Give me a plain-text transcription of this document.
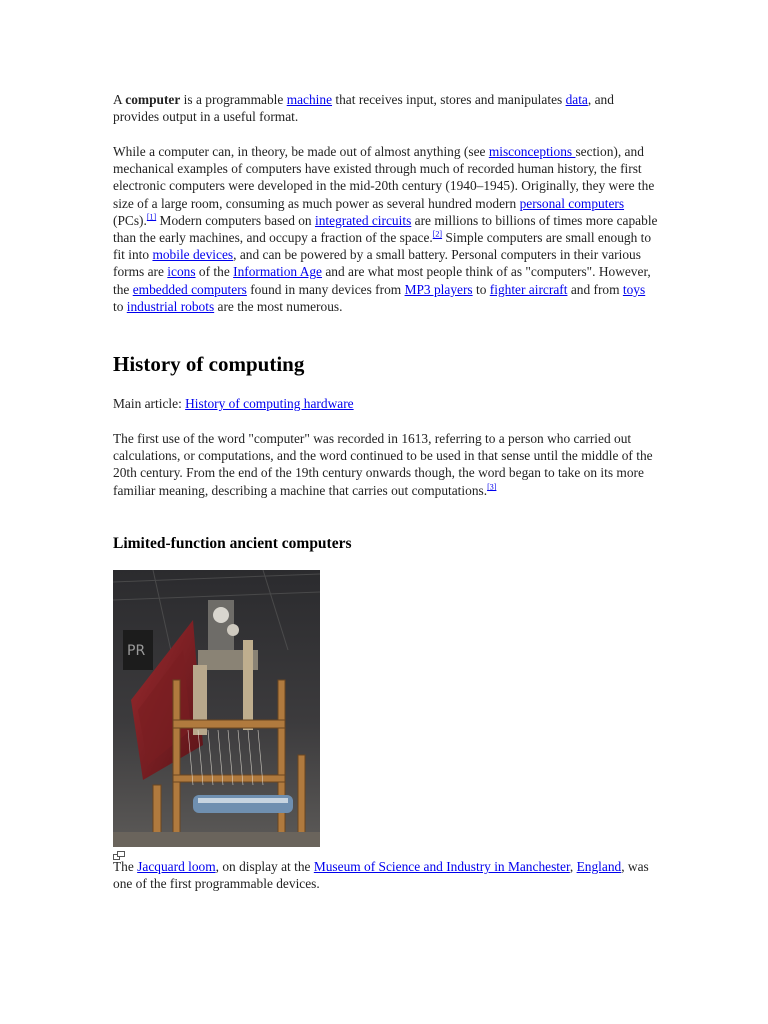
A computer is a programmable machine that receives input, stores and manipulates data, and provides output in a useful format.

While a computer can, in theory, be made out of almost anything (see misconceptions section), and mechanical examples of computers have existed through much of recorded human history, the first electronic computers were developed in the mid-20th century (1940–1945). Originally, they were the size of a large room, consuming as much power as several hundred modern personal computers (PCs).[1] Modern computers based on integrated circuits are millions to billions of times more capable than the early machines, and occupy a fraction of the space.[2] Simple computers are small enough to fit into mobile devices, and can be powered by a small battery. Personal computers in their various forms are icons of the Information Age and are what most people think of as "computers". However, the embedded computers found in many devices from MP3 players to fighter aircraft and from toys to industrial robots are the most numerous.

History of computing

Main article: History of computing hardware

The first use of the word "computer" was recorded in 1613, referring to a person who carried out calculations, or computations, and the word continued to be used in that sense until the middle of the 20th century. From the end of the 19th century onwards though, the word began to take on its more familiar meaning, describing a machine that carries out computations.[3]

Limited-function ancient computers
PR

The Jacquard loom, on display at the Museum of Science and Industry in Manchester, England, was one of the first programmable devices.
